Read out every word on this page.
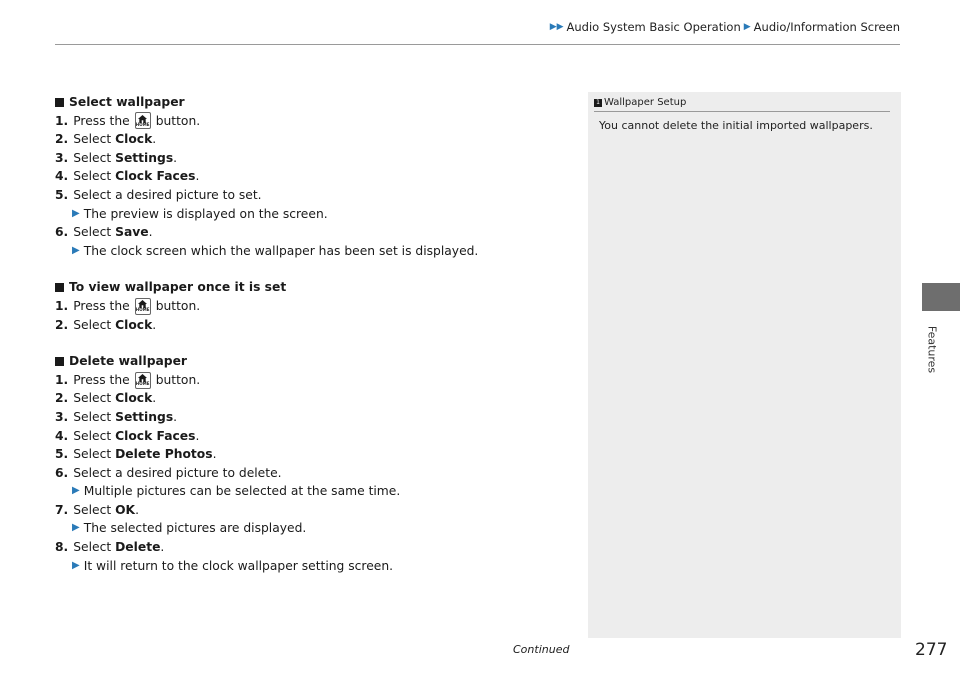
▶ ▶ Audio System Basic Operation ▶ Audio/Information Screen
Select wallpaper
1. Press the HOME button.
2. Select
Clock .
3. Select
Settings .
4. Select
Clock Faces .
5. Select a desired picture to set.
▶ The preview is displayed on the screen.
6. Select
Save .
▶ The clock screen which the wallpaper has been set is displayed.
To view wallpaper once it is set
1. Press the HOME button.
2. Select
Clock .
Delete wallpaper
1. Press the HOME button.
2. Select
Clock .
3. Select
Settings .
4. Select
Clock Faces .
5. Select
Delete Photos .
6. Select a desired picture to delete.
▶ Multiple pictures can be selected at the same time.
7. Select
OK .
▶ The selected pictures are displayed.
8. Select
Delete .
▶ It will return to the clock wallpaper setting screen.
1 Wallpaper Setup
You cannot delete the initial imported wallpapers.
Features
Continued	277
